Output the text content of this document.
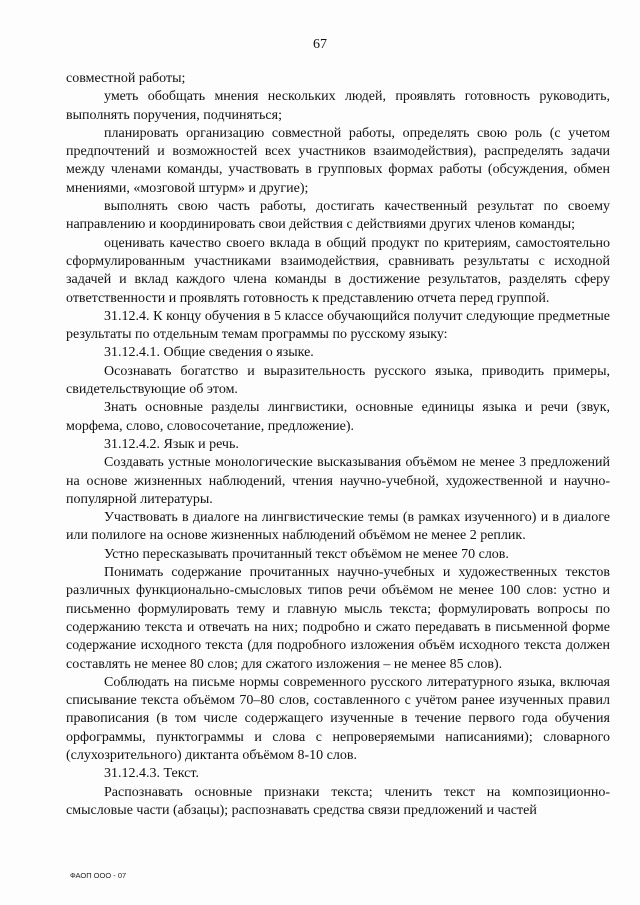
67

совместной работы;

уметь обобщать мнения нескольких людей, проявлять готовность руководить, выполнять поручения, подчиняться;

планировать организацию совместной работы, определять свою роль (с учетом предпочтений и возможностей всех участников взаимодействия), распределять задачи между членами команды, участвовать в групповых формах работы (обсуждения, обмен мнениями, «мозговой штурм» и другие);

выполнять свою часть работы, достигать качественный результат по своему направлению и координировать свои действия с действиями других членов команды;

оценивать качество своего вклада в общий продукт по критериям, самостоятельно сформулированным участниками взаимодействия, сравнивать результаты с исходной задачей и вклад каждого члена команды в достижение результатов, разделять сферу ответственности и проявлять готовность к представлению отчета перед группой.

31.12.4. К концу обучения в 5 классе обучающийся получит следующие предметные результаты по отдельным темам программы по русскому языку:

31.12.4.1. Общие сведения о языке.

Осознавать богатство и выразительность русского языка, приводить примеры, свидетельствующие об этом.

Знать основные разделы лингвистики, основные единицы языка и речи (звук, морфема, слово, словосочетание, предложение).

31.12.4.2. Язык и речь.

Создавать устные монологические высказывания объёмом не менее 3 предложений на основе жизненных наблюдений, чтения научно-учебной, художественной и научно-популярной литературы.

Участвовать в диалоге на лингвистические темы (в рамках изученного) и в диалоге или полилоге на основе жизненных наблюдений объёмом не менее 2 реплик.

Устно пересказывать прочитанный текст объёмом не менее 70 слов.

Понимать содержание прочитанных научно-учебных и художественных текстов различных функционально-смысловых типов речи объёмом не менее 100 слов: устно и письменно формулировать тему и главную мысль текста; формулировать вопросы по содержанию текста и отвечать на них; подробно и сжато передавать в письменной форме содержание исходного текста (для подробного изложения объём исходного текста должен составлять не менее 80 слов; для сжатого изложения – не менее 85 слов).

Соблюдать на письме нормы современного русского литературного языка, включая списывание текста объёмом 70–80 слов, составленного с учётом ранее изученных правил правописания (в том числе содержащего изученные в течение первого года обучения орфограммы, пунктограммы и слова с непроверяемыми написаниями); словарного (слухозрительного) диктанта объёмом 8-10 слов.

31.12.4.3. Текст.

Распознавать основные признаки текста; членить текст на композиционно-смысловые части (абзацы); распознавать средства связи предложений и частей

ФАОП ООО - 07
